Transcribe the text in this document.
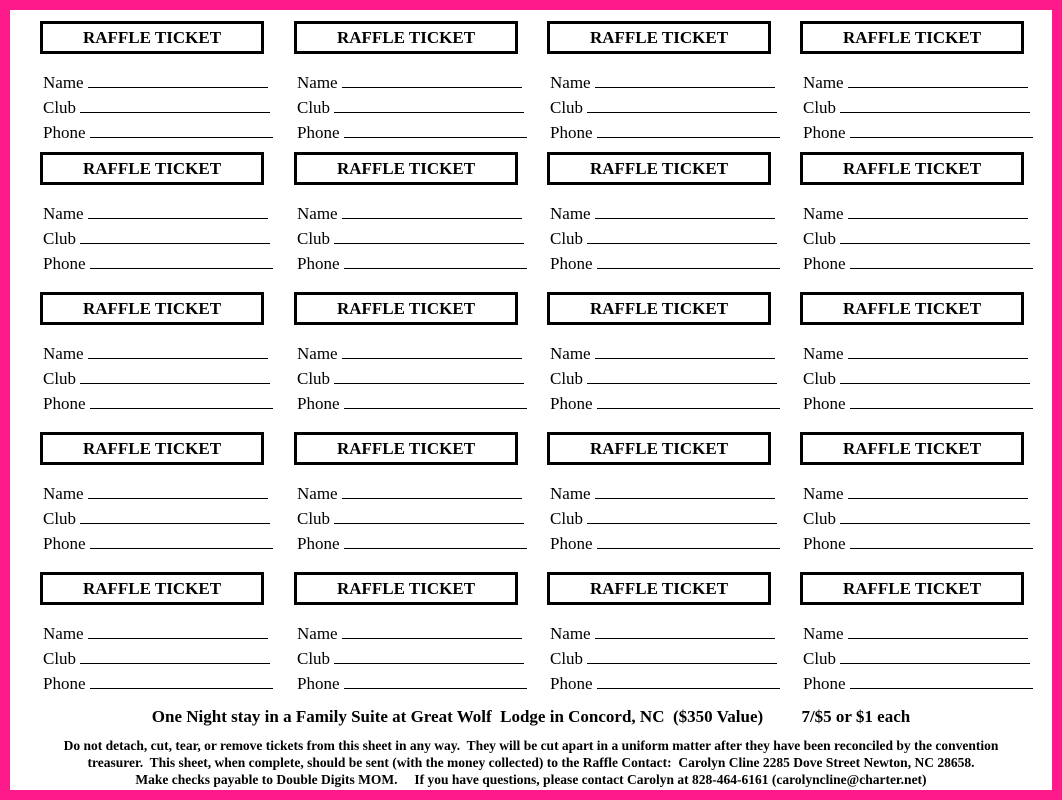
RAFFLE TICKET
Name
Club
Phone
RAFFLE TICKET
Name
Club
Phone
RAFFLE TICKET
Name
Club
Phone
RAFFLE TICKET
Name
Club
Phone
RAFFLE TICKET
Name
Club
Phone
RAFFLE TICKET
Name
Club
Phone
RAFFLE TICKET
Name
Club
Phone
RAFFLE TICKET
Name
Club
Phone
RAFFLE TICKET
Name
Club
Phone
RAFFLE TICKET
Name
Club
Phone
RAFFLE TICKET
Name
Club
Phone
RAFFLE TICKET
Name
Club
Phone
RAFFLE TICKET
Name
Club
Phone
RAFFLE TICKET
Name
Club
Phone
RAFFLE TICKET
Name
Club
Phone
RAFFLE TICKET
Name
Club
Phone
RAFFLE TICKET
Name
Club
Phone
RAFFLE TICKET
Name
Club
Phone
RAFFLE TICKET
Name
Club
Phone
RAFFLE TICKET
Name
Club
Phone
One Night stay in a Family Suite at Great Wolf  Lodge in Concord, NC  ($350 Value)         7/$5 or $1 each
Do not detach, cut, tear, or remove tickets from this sheet in any way.  They will be cut apart in a uniform matter after they have been reconciled by the convention
treasurer.  This sheet, when complete, should be sent (with the money collected) to the Raffle Contact:  Carolyn Cline 2285 Dove Street Newton, NC 28658.
Make checks payable to Double Digits MOM.     If you have questions, please contact Carolyn at 828-464-6161 (carolyncline@charter.net)
